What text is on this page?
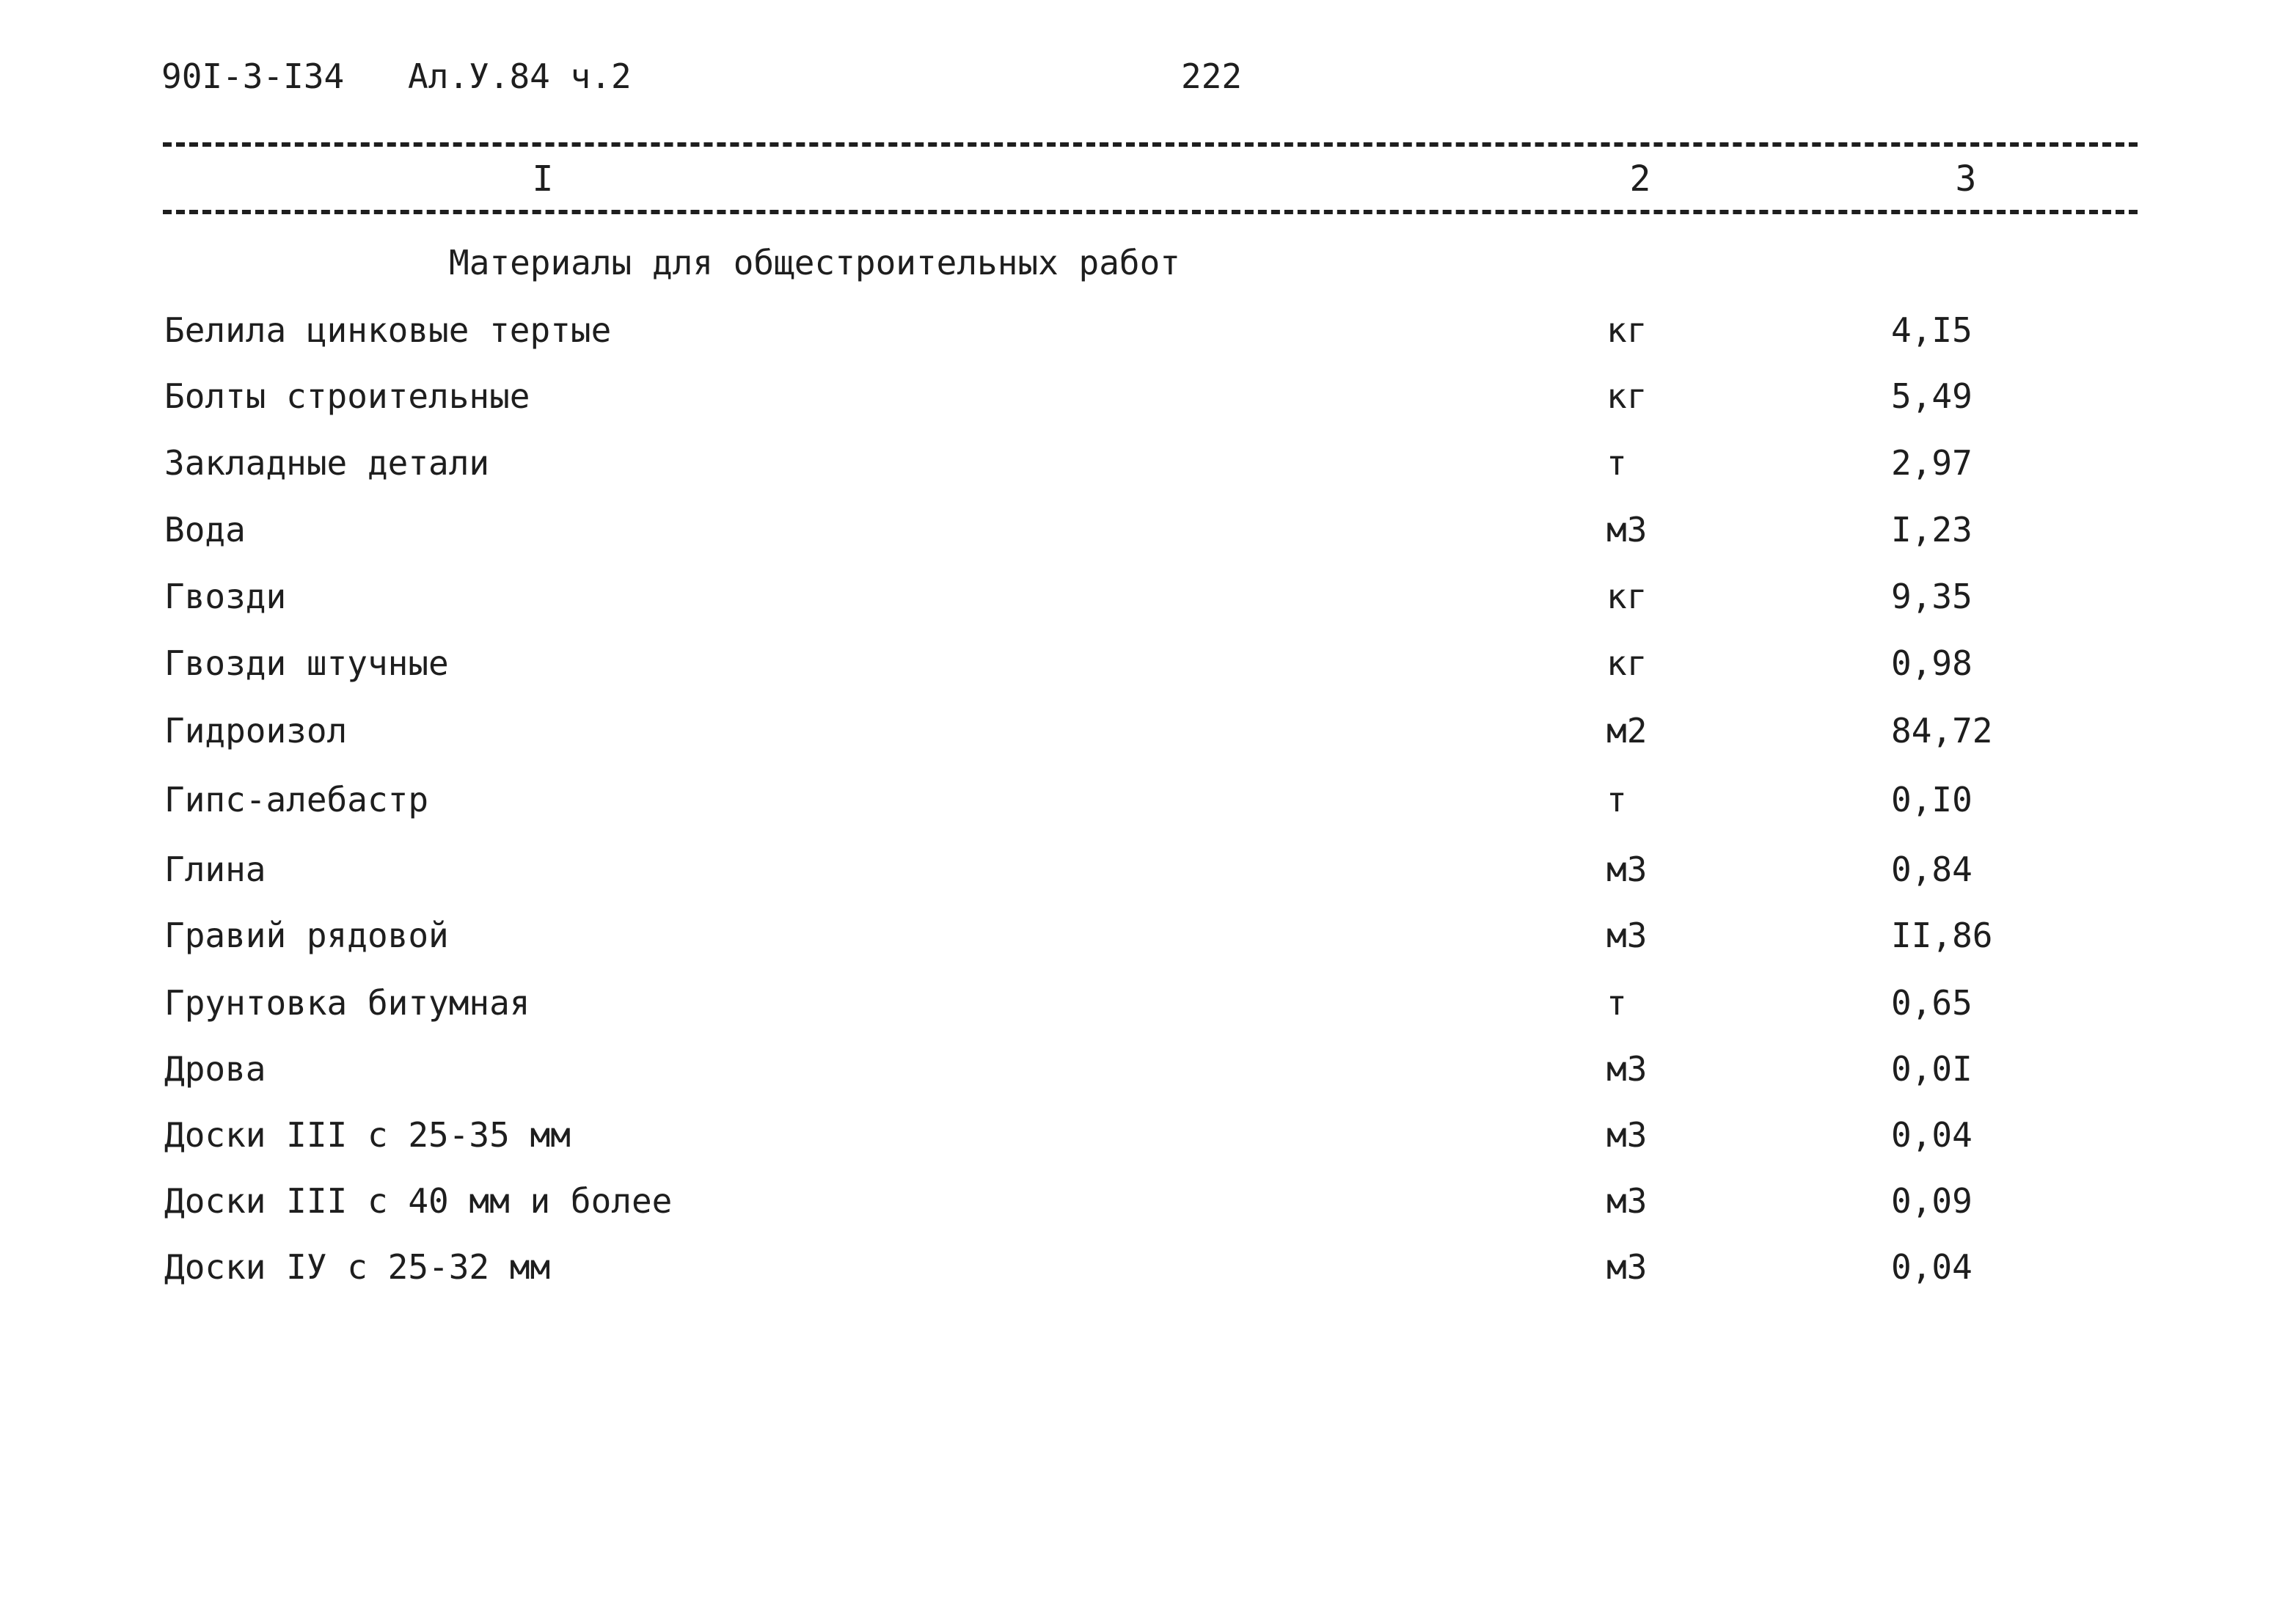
90I-3-I34 Ал.У.84 ч.2	222
I	2	3
Материалы для общестроительных работ
Белила цинковые тертые	кг	4,I5
Болты строительные	кг	5,49
Закладные детали	т	2,97
Вода	м3	I,23
Гвозди	кг	9,35
Гвозди штучные	кг	0,98
Гидроизол	м2	84,72
Гипс-алебастр	т	0,I0
Глина	м3	0,84
Гравий рядовой	м3	II,86
Грунтовка битумная	т	0,65
Дрова	м3	0,0I
Доски III с 25-35 мм	м3	0,04
Доски III с 40 мм и более	м3	0,09
Доски IУ с 25-32 мм	м3	0,04
